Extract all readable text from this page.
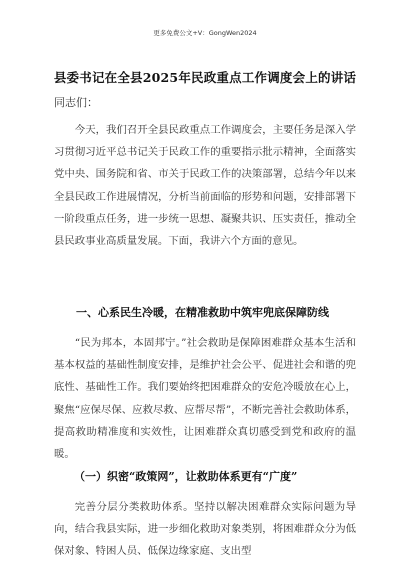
更多免费公文+V：GongWen2024
县委书记在全县2025年民政重点工作调度会上的讲话
同志们：

今天，我们召开全县民政重点工作调度会，主要任务是深入学习贯彻习近平总书记关于民政工作的重要指示批示精神，全面落实党中央、国务院和省、市关于民政工作的决策部署，总结今年以来全县民政工作进展情况，分析当前面临的形势和问题，安排部署下一阶段重点任务，进一步统一思想、凝聚共识、压实责任，推动全县民政事业高质量发展。下面，我讲六个方面的意见。

一、心系民生冷暖，在精准救助中筑牢兜底保障防线

“民为邦本，本固邦宁。”社会救助是保障困难群众基本生活和基本权益的基础性制度安排，是维护社会公平、促进社会和谐的兜底性、基础性工作。我们要始终把困难群众的安危冷暖放在心上，聚焦“应保尽保、应救尽救、应帮尽帮”，不断完善社会救助体系，提高救助精准度和实效性，让困难群众真切感受到党和政府的温暖。

（一）织密“政策网”，让救助体系更有“广度”

完善分层分类救助体系。坚持以解决困难群众实际问题为导向，结合我县实际，进一步细化救助对象类别，将困难群众分为低保对象、特困人员、低保边缘家庭、支出型
